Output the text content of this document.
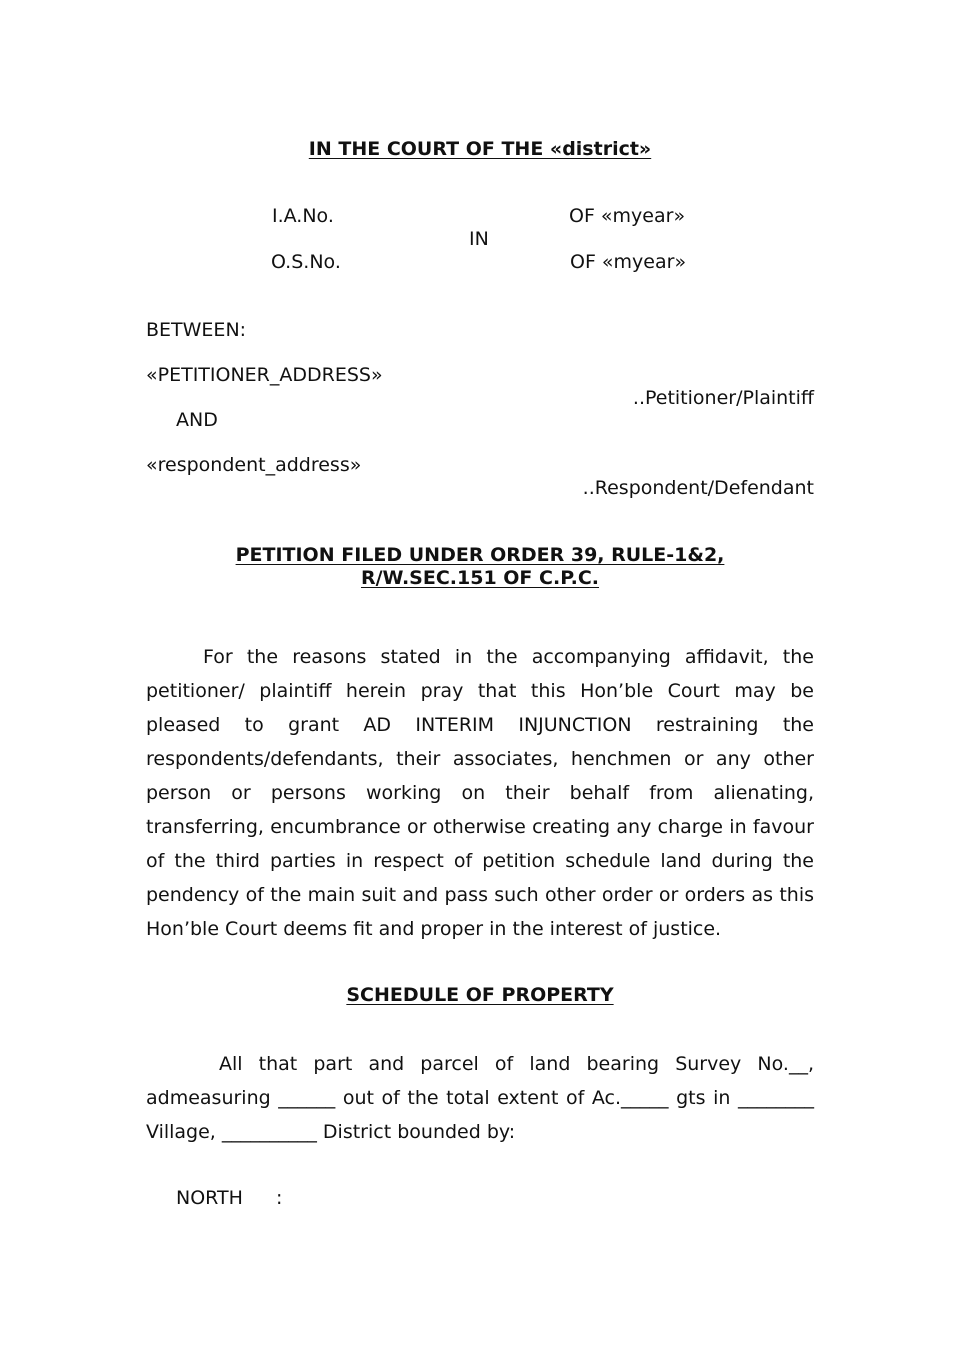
IN THE COURT OF THE «district»
I.A.No.	OF «myear»
IN
O.S.No.	OF «myear»
BETWEEN:
«PETITIONER_ADDRESS»
..Petitioner/Plaintiff
AND
«respondent_address»
..Respondent/Defendant
PETITION FILED UNDER ORDER 39, RULE-1&2,
R/W.SEC.151 OF C.P.C.

For the reasons stated in the accompanying affidavit, the petitioner/ plaintiff herein pray that this Hon’ble Court may be pleased to grant AD INTERIM INJUNCTION restraining the respondents/defendants, their associates, henchmen or any other person or persons working on their behalf from alienating, transferring, encumbrance or otherwise creating any charge in favour of the third parties in respect of petition schedule land during the pendency of the main suit and pass such other order or orders as this Hon’ble Court deems fit and proper in the interest of justice.

SCHEDULE OF PROPERTY

All that part and parcel of land bearing Survey No.__, admeasuring ______ out of the total extent of Ac._____ gts in ________ Village, __________ District bounded by:

NORTH :
